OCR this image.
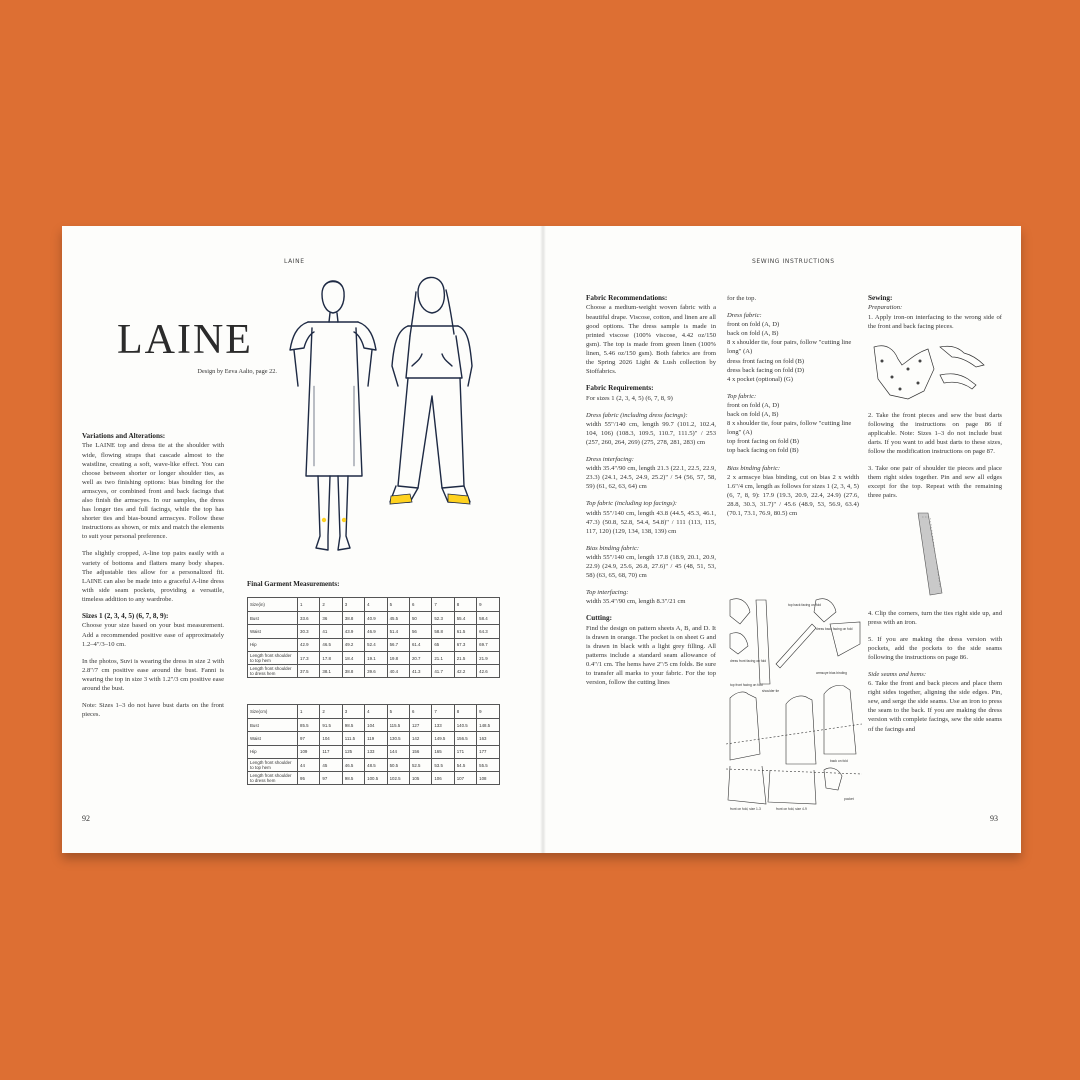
LAINE
LAINE
Design by Eeva Aalto, page 22.
Variations and Alterations:

The LAINE top and dress tie at the shoulder with wide, flowing straps that cascade almost to the waistline, creating a soft, wave-like effect. You can choose between shorter or longer shoulder ties, as well as two finishing options: bias binding for the armscyes, or combined front and back facings that also finish the armscyes. In our samples, the dress has longer ties and full facings, while the top has shorter ties and bias-bound armscyes. Follow these instructions as shown, or mix and match the elements to suit your personal preference.

The slightly cropped, A-line top pairs easily with a variety of bottoms and flatters many body shapes. The adjustable ties allow for a personalized fit. LAINE can also be made into a graceful A-line dress with side seam pockets, providing a versatile, timeless addition to any wardrobe.

Sizes 1 (2, 3, 4, 5) (6, 7, 8, 9):

Choose your size based on your bust measurement. Add a recommended positive ease of approximately 1.2–4"/3–10 cm.

In the photos, Suvi is wearing the dress in size 2 with 2.8"/7 cm positive ease around the bust. Fanni is wearing the top in size 3 with 1.2"/3 cm positive ease around the bust.

Note: Sizes 1–3 do not have bust darts on the front pieces.

Final Garment Measurements:
Size(in)	1	2	3	4	5	6	7	8	9
Bust	33.6	36	38.8	40.9	45.5	50	52.3	55.4	58.4
Waist	30.3	41	43.9	46.9	51.4	56	58.8	61.5	64.3
Hip	42.9	46.5	49.2	52.4	56.7	61.4	65	67.3	69.7
Length front shoulder to top hem	17.3	17.8	18.4	19.1	19.8	20.7	21.1	21.5	21.9
Length front shoulder to dress hem	37.5	38.1	38.8	39.6	40.4	41.3	41.7	42.2	42.6
Size(cm)	1	2	3	4	5	6	7	8	9
Bust	85.5	91.5	98.5	104	115.5	127	133	140.5	148.5
Waist	97	104	111.5	119	130.5	142	149.5	156.5	163
Hip	109	117	125	133	144	156	165	171	177
Length front shoulder to top hem	44	45	46.5	48.5	50.5	52.5	53.5	54.5	55.5
Length front shoulder to dress hem	95	97	98.5	100.5	102.5	105	106	107	108
92
SEWING INSTRUCTIONS
Fabric Recommendations:

Choose a medium-weight woven fabric with a beautiful drape. Viscose, cotton, and linen are all good options. The dress sample is made in printed viscose (100% viscose, 4.42 oz/150 gsm). The top is made from green linen (100% linen, 5.46 oz/150 gsm). Both fabrics are from the Spring 2026 Light & Lush collection by Stoffabrics.

Fabric Requirements:

For sizes 1 (2, 3, 4, 5) (6, 7, 8, 9)

Dress fabric (including dress facings):
width 55"/140 cm, length 99.7 (101.2, 102.4, 104, 106) (108.3, 109.5, 110.7, 111.5)" / 253 (257, 260, 264, 269) (275, 278, 281, 283) cm
Dress interfacing:
width 35.4"/90 cm, length 21.3 (22.1, 22.5, 22.9, 23.3) (24.1, 24.5, 24.9, 25.2)" / 54 (56, 57, 58, 59) (61, 62, 63, 64) cm
Top fabric (including top facings):
width 55"/140 cm, length 43.8 (44.5, 45.3, 46.1, 47.3) (50.8, 52.8, 54.4, 54.8)" / 111 (113, 115, 117, 120) (129, 134, 138, 139) cm
Bias binding fabric:
width 55"/140 cm, length 17.8 (18.9, 20.1, 20.9, 22.9) (24.9, 25.6, 26.8, 27.6)" / 45 (48, 51, 53, 58) (63, 65, 68, 70) cm
Top interfacing:
width 35.4"/90 cm, length 8.3"/21 cm
Cutting:

Find the design on pattern sheets A, B, and D. It is drawn in orange. The pocket is on sheet G and is drawn in black with a light grey filling. All patterns include a standard seam allowance of 0.4"/1 cm. The hems have 2"/5 cm folds. Be sure to transfer all marks to your fabric. For the top version, follow the cutting lines

for the top.

Dress fabric:
front on fold (A, D)
back on fold (A, B)
8 x shoulder tie, four pairs, follow "cutting line long" (A)
dress front facing on fold (B)
dress back facing on fold (D)
4 x pocket (optional) (G)
Top fabric:
front on fold (A, D)
back on fold (A, B)
8 x shoulder tie, four pairs, follow "cutting line long" (A)
top front facing on fold (B)
top back facing on fold (B)
Bias binding fabric:
2 x armscye bias binding, cut on bias 2 x width 1.6"/4 cm, length as follows for sizes 1 (2, 3, 4, 5) (6, 7, 8, 9): 17.9 (19.3, 20.9, 22.4, 24.9) (27.6, 28.8, 30.3, 31.7)" / 45.6 (48.9, 53, 56.9, 63.4) (70.1, 73.1, 76.9, 80.5) cm
top back facing on fold
dress back facing on fold
dress front facing on fold
armscye bias binding
top front facing on fold
shoulder tie
back on fold
pocket
front on fold, size 1-3	front on fold, size 4-9
Sewing:
Preparation:

1. Apply iron-on interfacing to the wrong side of the front and back facing pieces.

2. Take the front pieces and sew the bust darts following the instructions on page 86 if applicable. Note: Sizes 1–3 do not include bust darts. If you want to add bust darts to these sizes, follow the modification instructions on page 87.

3. Take one pair of shoulder tie pieces and place them right sides together. Pin and sew all edges except for the top. Repeat with the remaining three pairs.

4. Clip the corners, turn the ties right side up, and press with an iron.

5. If you are making the dress version with pockets, add the pockets to the side seams following the instructions on page 86.

Side seams and hems:

6. Take the front and back pieces and place them right sides together, aligning the side edges. Pin, sew, and serge the side seams. Use an iron to press the seam to the back. If you are making the dress version with complete facings, sew the side seams of the facings and

93
